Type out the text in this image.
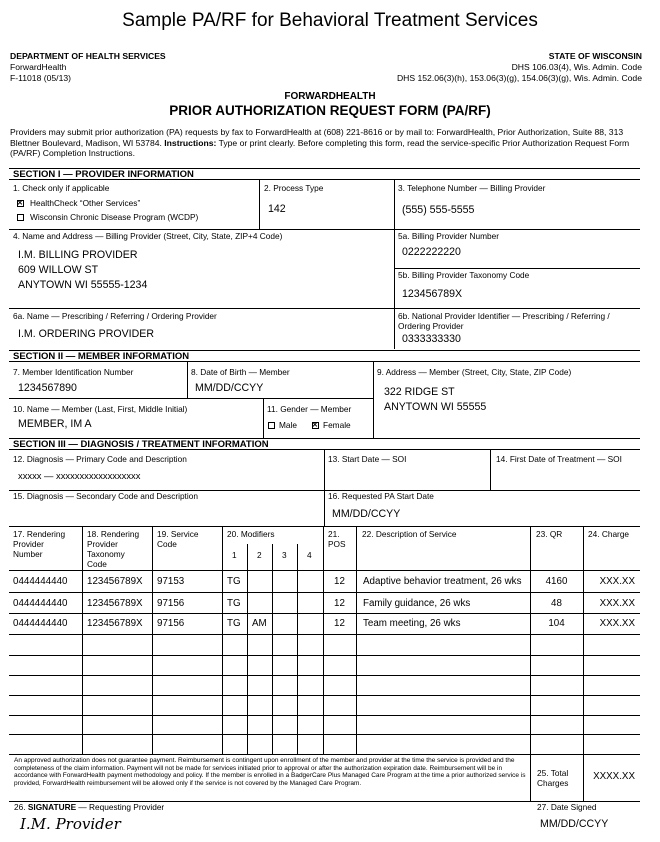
Sample PA/RF for Behavioral Treatment Services
DEPARTMENT OF HEALTH SERVICES
ForwardHealth
F-11018 (05/13)
STATE OF WISCONSIN
DHS 106.03(4), Wis. Admin. Code
DHS 152.06(3)(h), 153.06(3)(g), 154.06(3)(g), Wis. Admin. Code
FORWARDHEALTH
PRIOR AUTHORIZATION REQUEST FORM (PA/RF)
Providers may submit prior authorization (PA) requests by fax to ForwardHealth at (608) 221-8616 or by mail to: ForwardHealth, Prior Authorization, Suite 88, 313 Blettner Boulevard, Madison, WI 53784. Instructions: Type or print clearly. Before completing this form, read the service-specific Prior Authorization Request Form (PA/RF) Completion Instructions.
SECTION I — PROVIDER INFORMATION
1. Check only if applicable
✕HealthCheck “Other Services”
Wisconsin Chronic Disease Program (WCDP)
2. Process Type
142
3. Telephone Number — Billing Provider
(555) 555-5555
4. Name and Address — Billing Provider (Street, City, State, ZIP+4 Code)
I.M. BILLING PROVIDER
609 WILLOW ST
ANYTOWN WI 55555-1234
5a. Billing Provider Number
0222222220
5b. Billing Provider Taxonomy Code
123456789X
6a. Name — Prescribing / Referring / Ordering Provider
I.M. ORDERING PROVIDER
6b. National Provider Identifier — Prescribing / Referring /
Ordering Provider
0333333330
SECTION II — MEMBER INFORMATION
7. Member Identification Number
1234567890
8. Date of Birth — Member
MM/DD/CCYY
9. Address — Member (Street, City, State, ZIP Code)
322 RIDGE ST
ANYTOWN WI 55555
10. Name — Member (Last, First, Middle Initial)
MEMBER, IM A
11. Gender — Member
Male
✕	Female
SECTION III — DIAGNOSIS / TREATMENT INFORMATION
12. Diagnosis — Primary Code and Description
xxxxx — xxxxxxxxxxxxxxxxxx
13. Start Date — SOI	14. First Date of Treatment — SOI
15. Diagnosis — Secondary Code and Description	16. Requested PA Start Date
MM/DD/CCYY
17. Rendering
Provider
Number
18. Rendering
Provider
Taxonomy
Code
19. Service
Code
20. Modifiers
1 2 3 4
21.
POS
22. Description of Service	23. QR	24. Charge
0444444440 123456789X 97153	TG	12	Adaptive behavior treatment, 26 wks	4160	XXX.XX
0444444440 123456789X 97156	TG	12	Family guidance, 26 wks	48	XXX.XX
0444444440 123456789X 97156	TG AM	12	Team meeting, 26 wks	104	XXX.XX
An approved authorization does not guarantee payment. Reimbursement is contingent upon enrollment of the member and provider at the time the service is provided and the completeness of the claim information. Payment will not be made for services initiated prior to approval or after the authorization expiration date. Reimbursement will be in accordance with ForwardHealth payment methodology and policy. If the member is enrolled in a BadgerCare Plus Managed Care Program at the time a prior authorized service is provided, ForwardHealth reimbursement will be allowed only if the service is not covered by the Managed Care Program.
25. Total
Charges
XXXX.XX
26. SIGNATURE — Requesting Provider
I.M. Provider
27. Date Signed
MM/DD/CCYY
